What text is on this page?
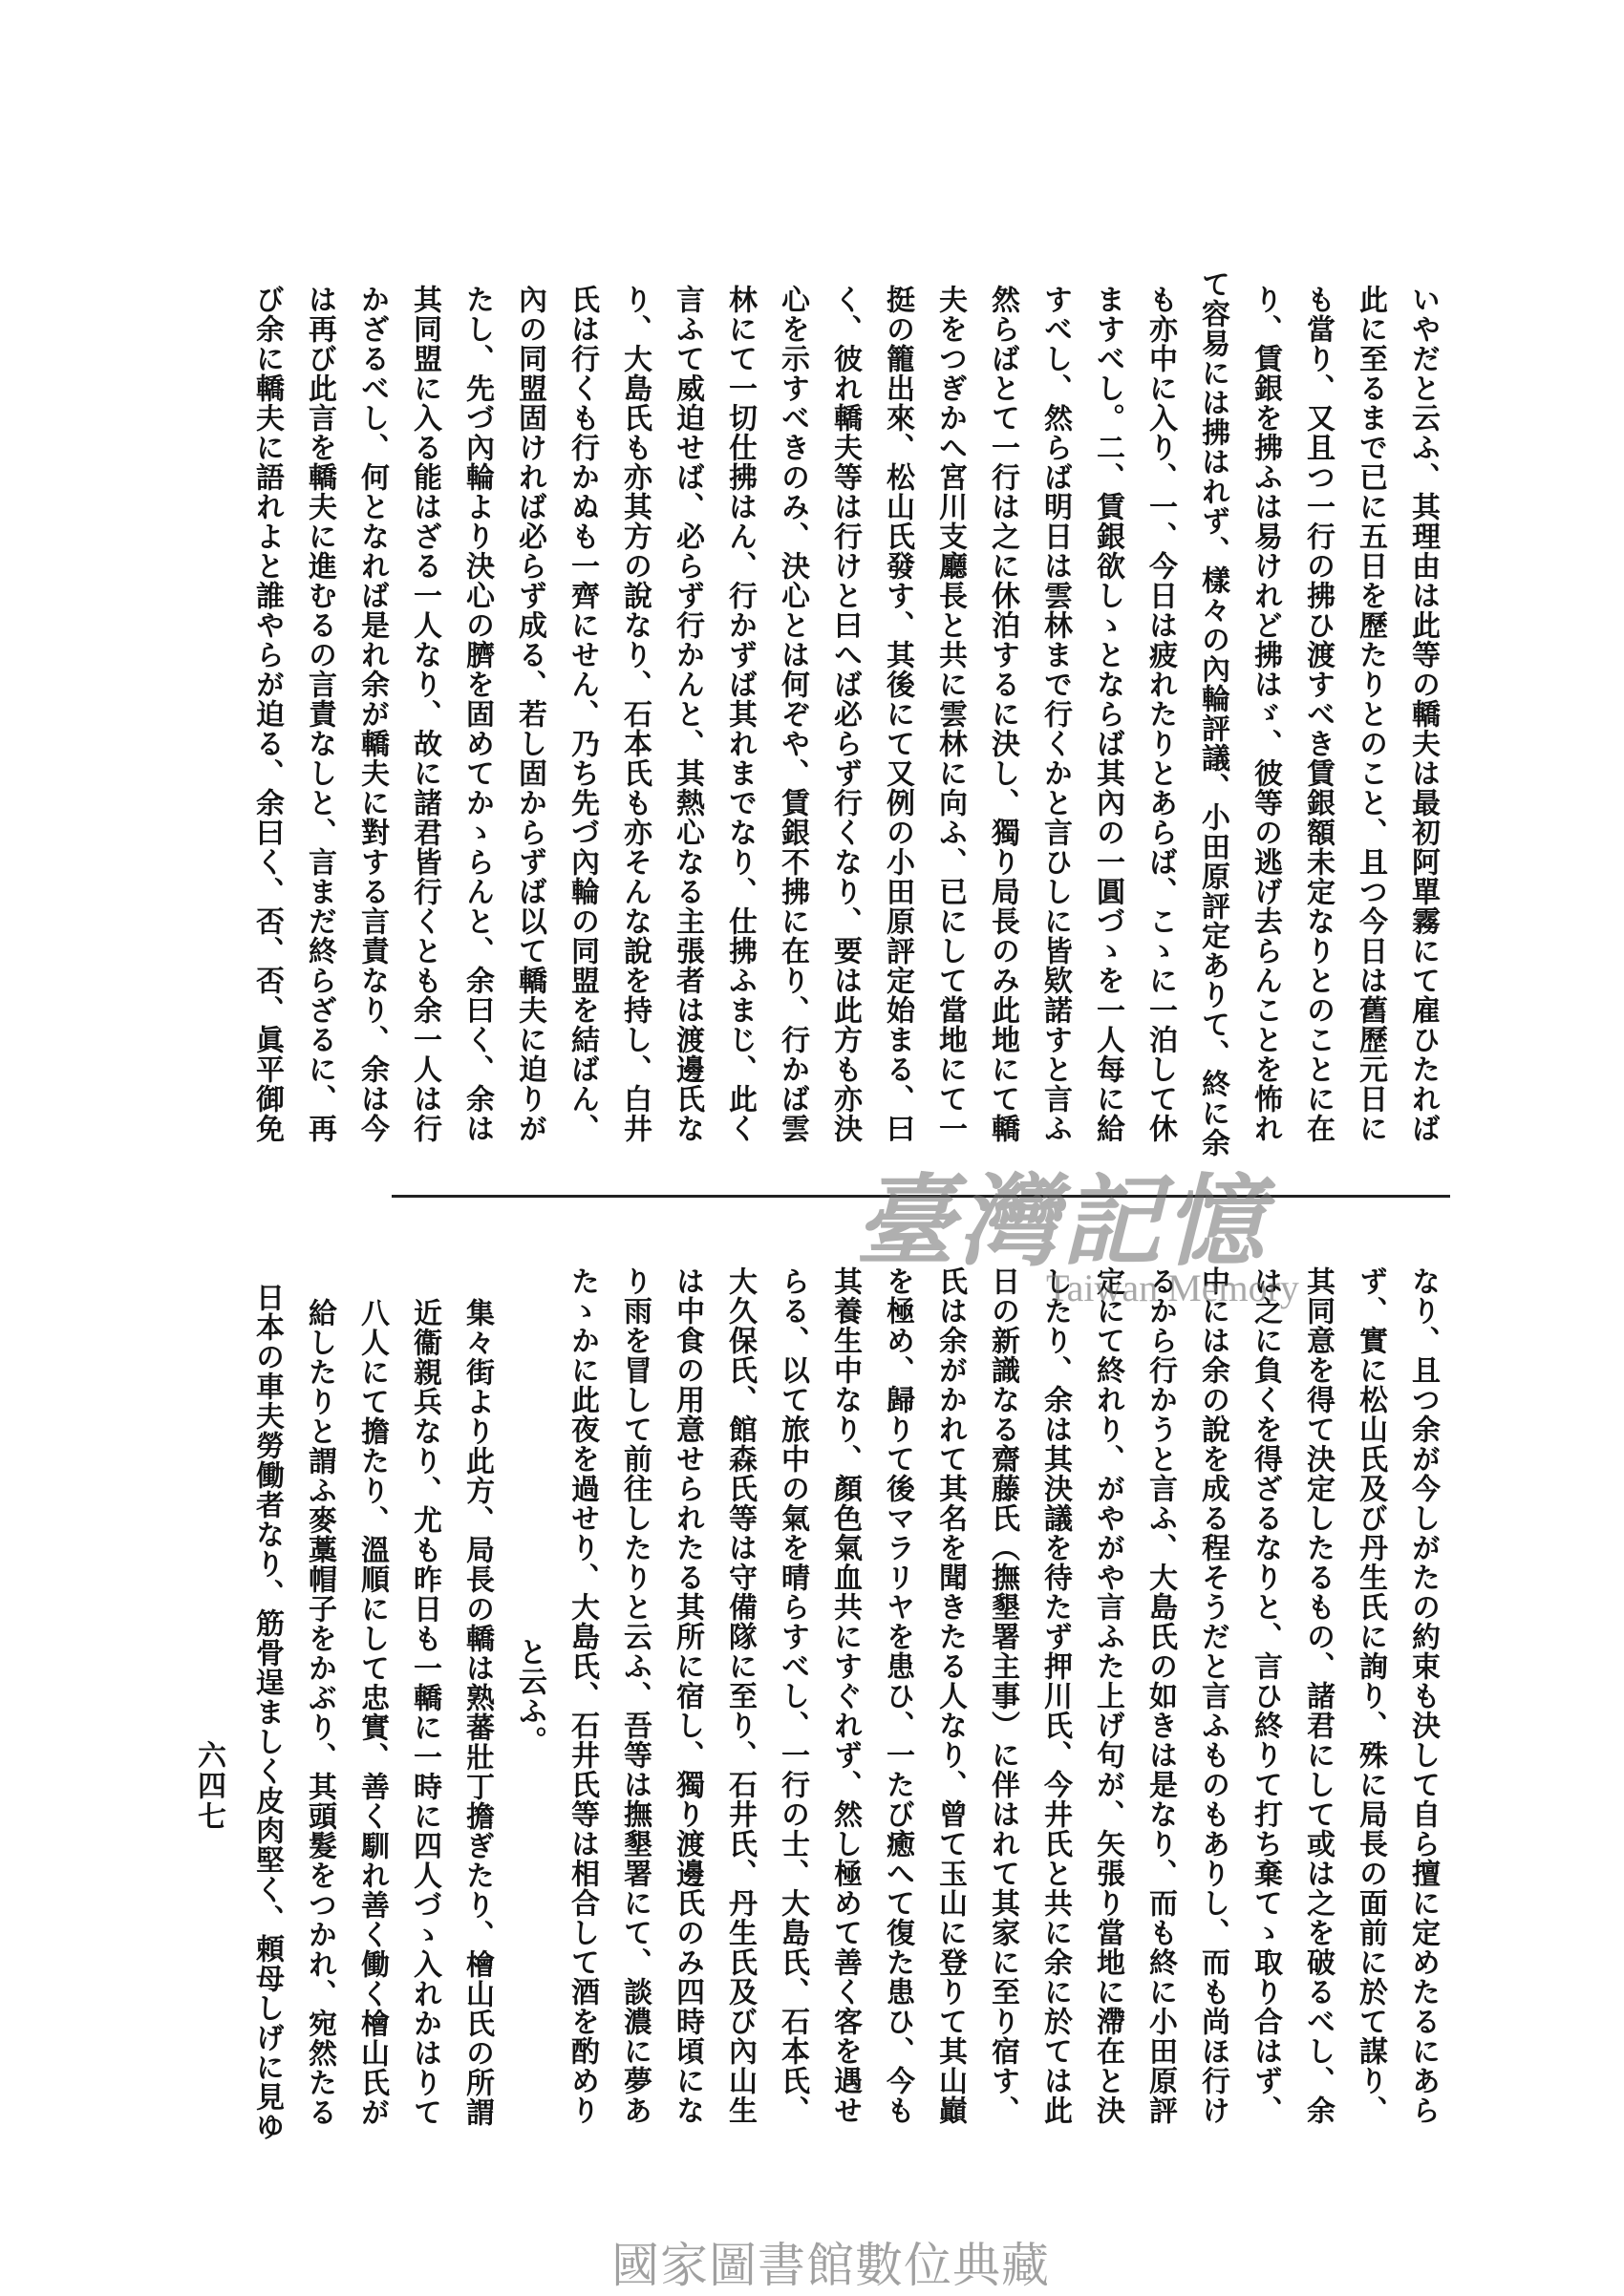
いやだと云ふ、其理由は此等の轎夫は最初阿單霧にて雇ひたれば
此に至るまで已に五日を歷たりとのこと、且つ今日は舊歷元日に
も當り、又且つ一行の拂ひ渡すべき賃銀額未定なりとのことに在
り、賃銀を拂ふは易けれど拂はゞ、彼等の逃げ去らんことを怖れ
て容易には拂はれず、樣々の內輪評議、小田原評定ありて、終に余
も亦中に入り、一、今日は疲れたりとあらば、こゝに一泊して休
ますべし。二、賃銀欲しゝとならば其內の一圓づゝを一人每に給
すべし、然らば明日は雲林まで行くかと言ひしに皆欵諾すと言ふ
然らばとて一行は之に休泊するに決し、獨り局長のみ此地にて轎
夫をつぎかへ宮川支廳長と共に雲林に向ふ、已にして當地にて一
挺の籠出來、松山氏發す、其後にて又例の小田原評定始まる、曰
く、彼れ轎夫等は行けと曰へば必らず行くなり、要は此方も亦決
心を示すべきのみ、決心とは何ぞや、賃銀不拂に在り、行かば雲
林にて一切仕拂はん、行かずば其れまでなり、仕拂ふまじ、此く
言ふて威迫せば、必らず行かんと、其熱心なる主張者は渡邊氏な
り、大島氏も亦其方の說なり、石本氏も亦そんな說を持し、白井
氏は行くも行かぬも一齊にせん、乃ち先づ內輪の同盟を結ばん、
內の同盟固ければ必らず成る、若し固からずば以て轎夫に迫りが
たし、先づ內輪より決心の臍を固めてかゝらんと、余曰く、余は
其同盟に入る能はざる一人なり、故に諸君皆行くとも余一人は行
かざるべし、何となれば是れ余が轎夫に對する言責なり、余は今
は再び此言を轎夫に進むるの言責なしと、言まだ終らざるに、再
び余に轎夫に語れよと誰やらが迫る、余曰く、否、否、眞平御免
なり、且つ余が今しがたの約束も決して自ら擅に定めたるにあら
ず、實に松山氏及び丹生氏に詢り、殊に局長の面前に於て謀り、
其同意を得て決定したるもの、諸君にして或は之を破るべし、余
は之に負くを得ざるなりと、言ひ終りて打ち棄てゝ取り合はず、
中には余の說を成る程そうだと言ふものもありし、而も尚ほ行け
るから行かうと言ふ、大島氏の如きは是なり、而も終に小田原評
定にて終れり、がやがや言ふた上げ句が、矢張り當地に滯在と決
したり、余は其決議を待たず押川氏、今井氏と共に余に於ては此
日の新識なる齋藤氏（撫墾署主事）に伴はれて其家に至り宿す、
氏は余がかれて其名を聞きたる人なり、曾て玉山に登りて其山巓
を極め、歸りて後マラリヤを患ひ、一たび癒へて復た患ひ、今も
其養生中なり、顏色氣血共にすぐれず、然し極めて善く客を遇せ
らる、以て旅中の氣を晴らすべし、一行の士、大島氏、石本氏、
大久保氏、館森氏等は守備隊に至り、石井氏、丹生氏及び內山生
は中食の用意せられたる其所に宿し、獨り渡邊氏のみ四時頃にな
り雨を冒して前往したりと云ふ、吾等は撫墾署にて、談濃に夢あ
たゝかに此夜を過せり、大島氏、石井氏等は相合して酒を酌めり
と云ふ。
集々街より此方、局長の轎は熟蕃壯丁擔ぎたり、檜山氏の所謂
近衞親兵なり、尤も昨日も一轎に一時に四人づゝ入れかはりて
八人にて擔たり、溫順にして忠實、善く馴れ善く働く檜山氏が
給したりと謂ふ麥藁帽子をかぶり、其頭髮をつかれ、宛然たる
日本の車夫勞働者なり、筋骨逞ましく皮肉堅く、頼母しげに見ゆ
六四七
臺灣記憶
Taiwan Memory
國家圖書館數位典藏
